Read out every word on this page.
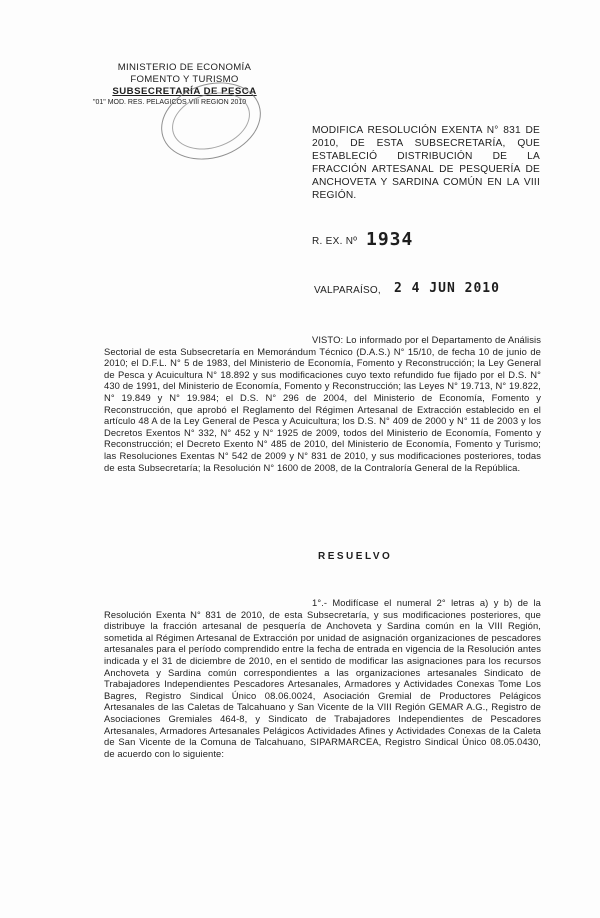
MINISTERIO DE ECONOMÍA
FOMENTO Y TURISMO
SUBSECRETARÍA DE PESCA
"01" MOD. RES. PELAGICOS VIII REGION 2010
MODIFICA RESOLUCIÓN EXENTA N° 831 DE 2010, DE ESTA SUBSECRETARÍA, QUE ESTABLECIÓ DISTRIBUCIÓN DE LA FRACCIÓN ARTESANAL DE PESQUERÍA DE ANCHOVETA Y SARDINA COMÚN EN LA VIII REGIÓN.
R. EX. Nº 1934
VALPARAÍSO, 2 4 JUN 2010
VISTO: Lo informado por el Departamento de Análisis Sectorial de esta Subsecretaría en Memorándum Técnico (D.A.S.) N° 15/10, de fecha 10 de junio de 2010; el D.F.L. N° 5 de 1983, del Ministerio de Economía, Fomento y Reconstrucción; la Ley General de Pesca y Acuicultura N° 18.892 y sus modificaciones cuyo texto refundido fue fijado por el D.S. N° 430 de 1991, del Ministerio de Economía, Fomento y Reconstrucción; las Leyes N° 19.713, N° 19.822, N° 19.849 y N° 19.984; el D.S. N° 296 de 2004, del Ministerio de Economía, Fomento y Reconstrucción, que aprobó el Reglamento del Régimen Artesanal de Extracción establecido en el artículo 48 A de la Ley General de Pesca y Acuicultura; los D.S. N° 409 de 2000 y N° 11 de 2003 y los Decretos Exentos N° 332, N° 452 y N° 1925 de 2009, todos del Ministerio de Economía, Fomento y Reconstrucción; el Decreto Exento N° 485 de 2010, del Ministerio de Economía, Fomento y Turismo; las Resoluciones Exentas N° 542 de 2009 y N° 831 de 2010, y sus modificaciones posteriores, todas de esta Subsecretaría; la Resolución N° 1600 de 2008, de la Contraloría General de la República.
RESUELVO
1°.- Modifícase el numeral 2° letras a) y b) de la Resolución Exenta N° 831 de 2010, de esta Subsecretaría, y sus modificaciones posteriores, que distribuye la fracción artesanal de pesquería de Anchoveta y Sardina común en la VIII Región, sometida al Régimen Artesanal de Extracción por unidad de asignación organizaciones de pescadores artesanales para el período comprendido entre la fecha de entrada en vigencia de la Resolución antes indicada y el 31 de diciembre de 2010, en el sentido de modificar las asignaciones para los recursos Anchoveta y Sardina común correspondientes a las organizaciones artesanales Sindicato de Trabajadores Independientes Pescadores Artesanales, Armadores y Actividades Conexas Tome Los Bagres, Registro Sindical Único 08.06.0024, Asociación Gremial de Productores Pelágicos Artesanales de las Caletas de Talcahuano y San Vicente de la VIII Región GEMAR A.G., Registro de Asociaciones Gremiales 464-8, y Sindicato de Trabajadores Independientes de Pescadores Artesanales, Armadores Artesanales Pelágicos Actividades Afines y Actividades Conexas de la Caleta de San Vicente de la Comuna de Talcahuano, SIPARMARCEA, Registro Sindical Único 08.05.0430, de acuerdo con lo siguiente:
